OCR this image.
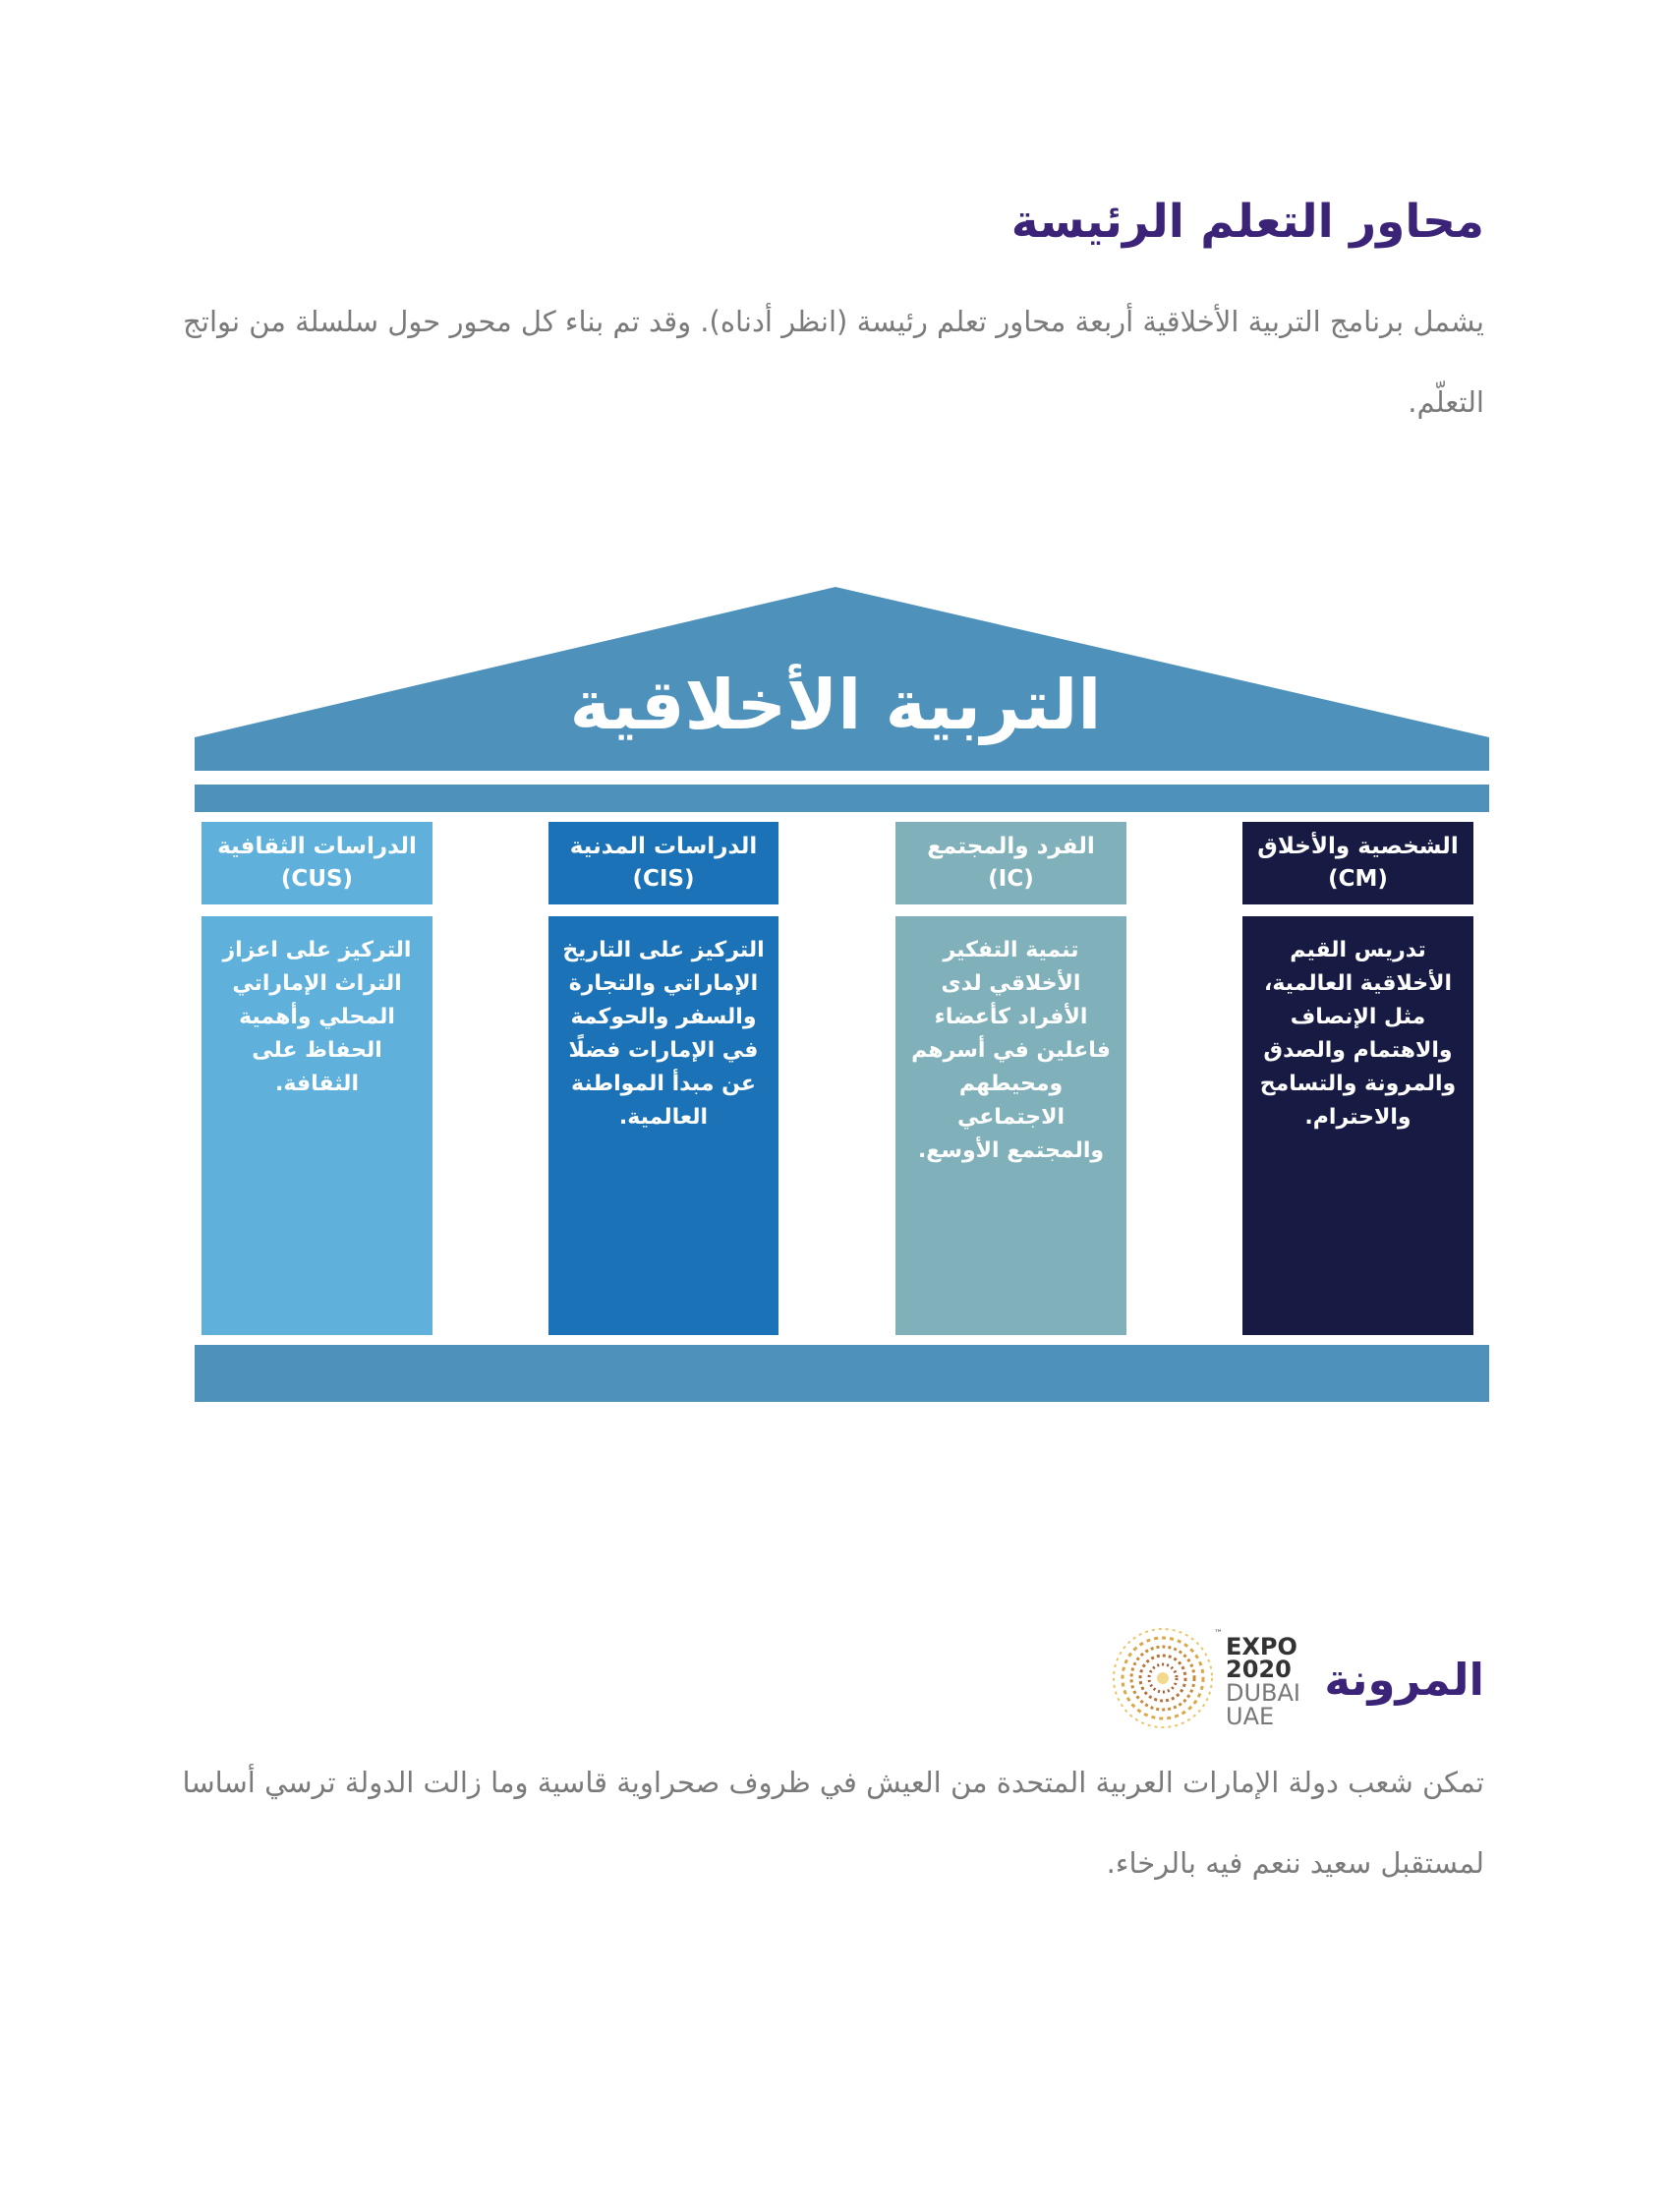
محاور التعلم الرئيسة

يشمل برنامج التربية الأخلاقية أربعة محاور تعلم رئيسة (انظر أدناه). وقد تم بناء كل محور حول سلسلة من نواتج التعلّم.

التربية الأخلاقية
الشخصية والأخلاق
(CM)
تدريس القيم الأخلاقية العالمية، مثل الإنصاف والاهتمام والصدق والمرونة والتسامح والاحترام.
الفرد والمجتمع
(IC)
تنمية التفكير الأخلاقي لدى الأفراد كأعضاء فاعلين في أسرهم ومحيطهم الاجتماعي والمجتمع الأوسع.
الدراسات المدنية
(CIS)
التركيز على التاريخ الإماراتي والتجارة والسفر والحوكمة في الإمارات فضلًا عن مبدأ المواطنة العالمية.
الدراسات الثقافية
(CUS)
التركيز على اعزاز التراث الإماراتي المحلي وأهمية الحفاظ على الثقافة.
المرونة
™ EXPO
2020
DUBAI
UAE

تمكن شعب دولة الإمارات العربية المتحدة من العيش في ظروف صحراوية قاسية وما زالت الدولة ترسي أساسا لمستقبل سعيد ننعم فيه بالرخاء.
